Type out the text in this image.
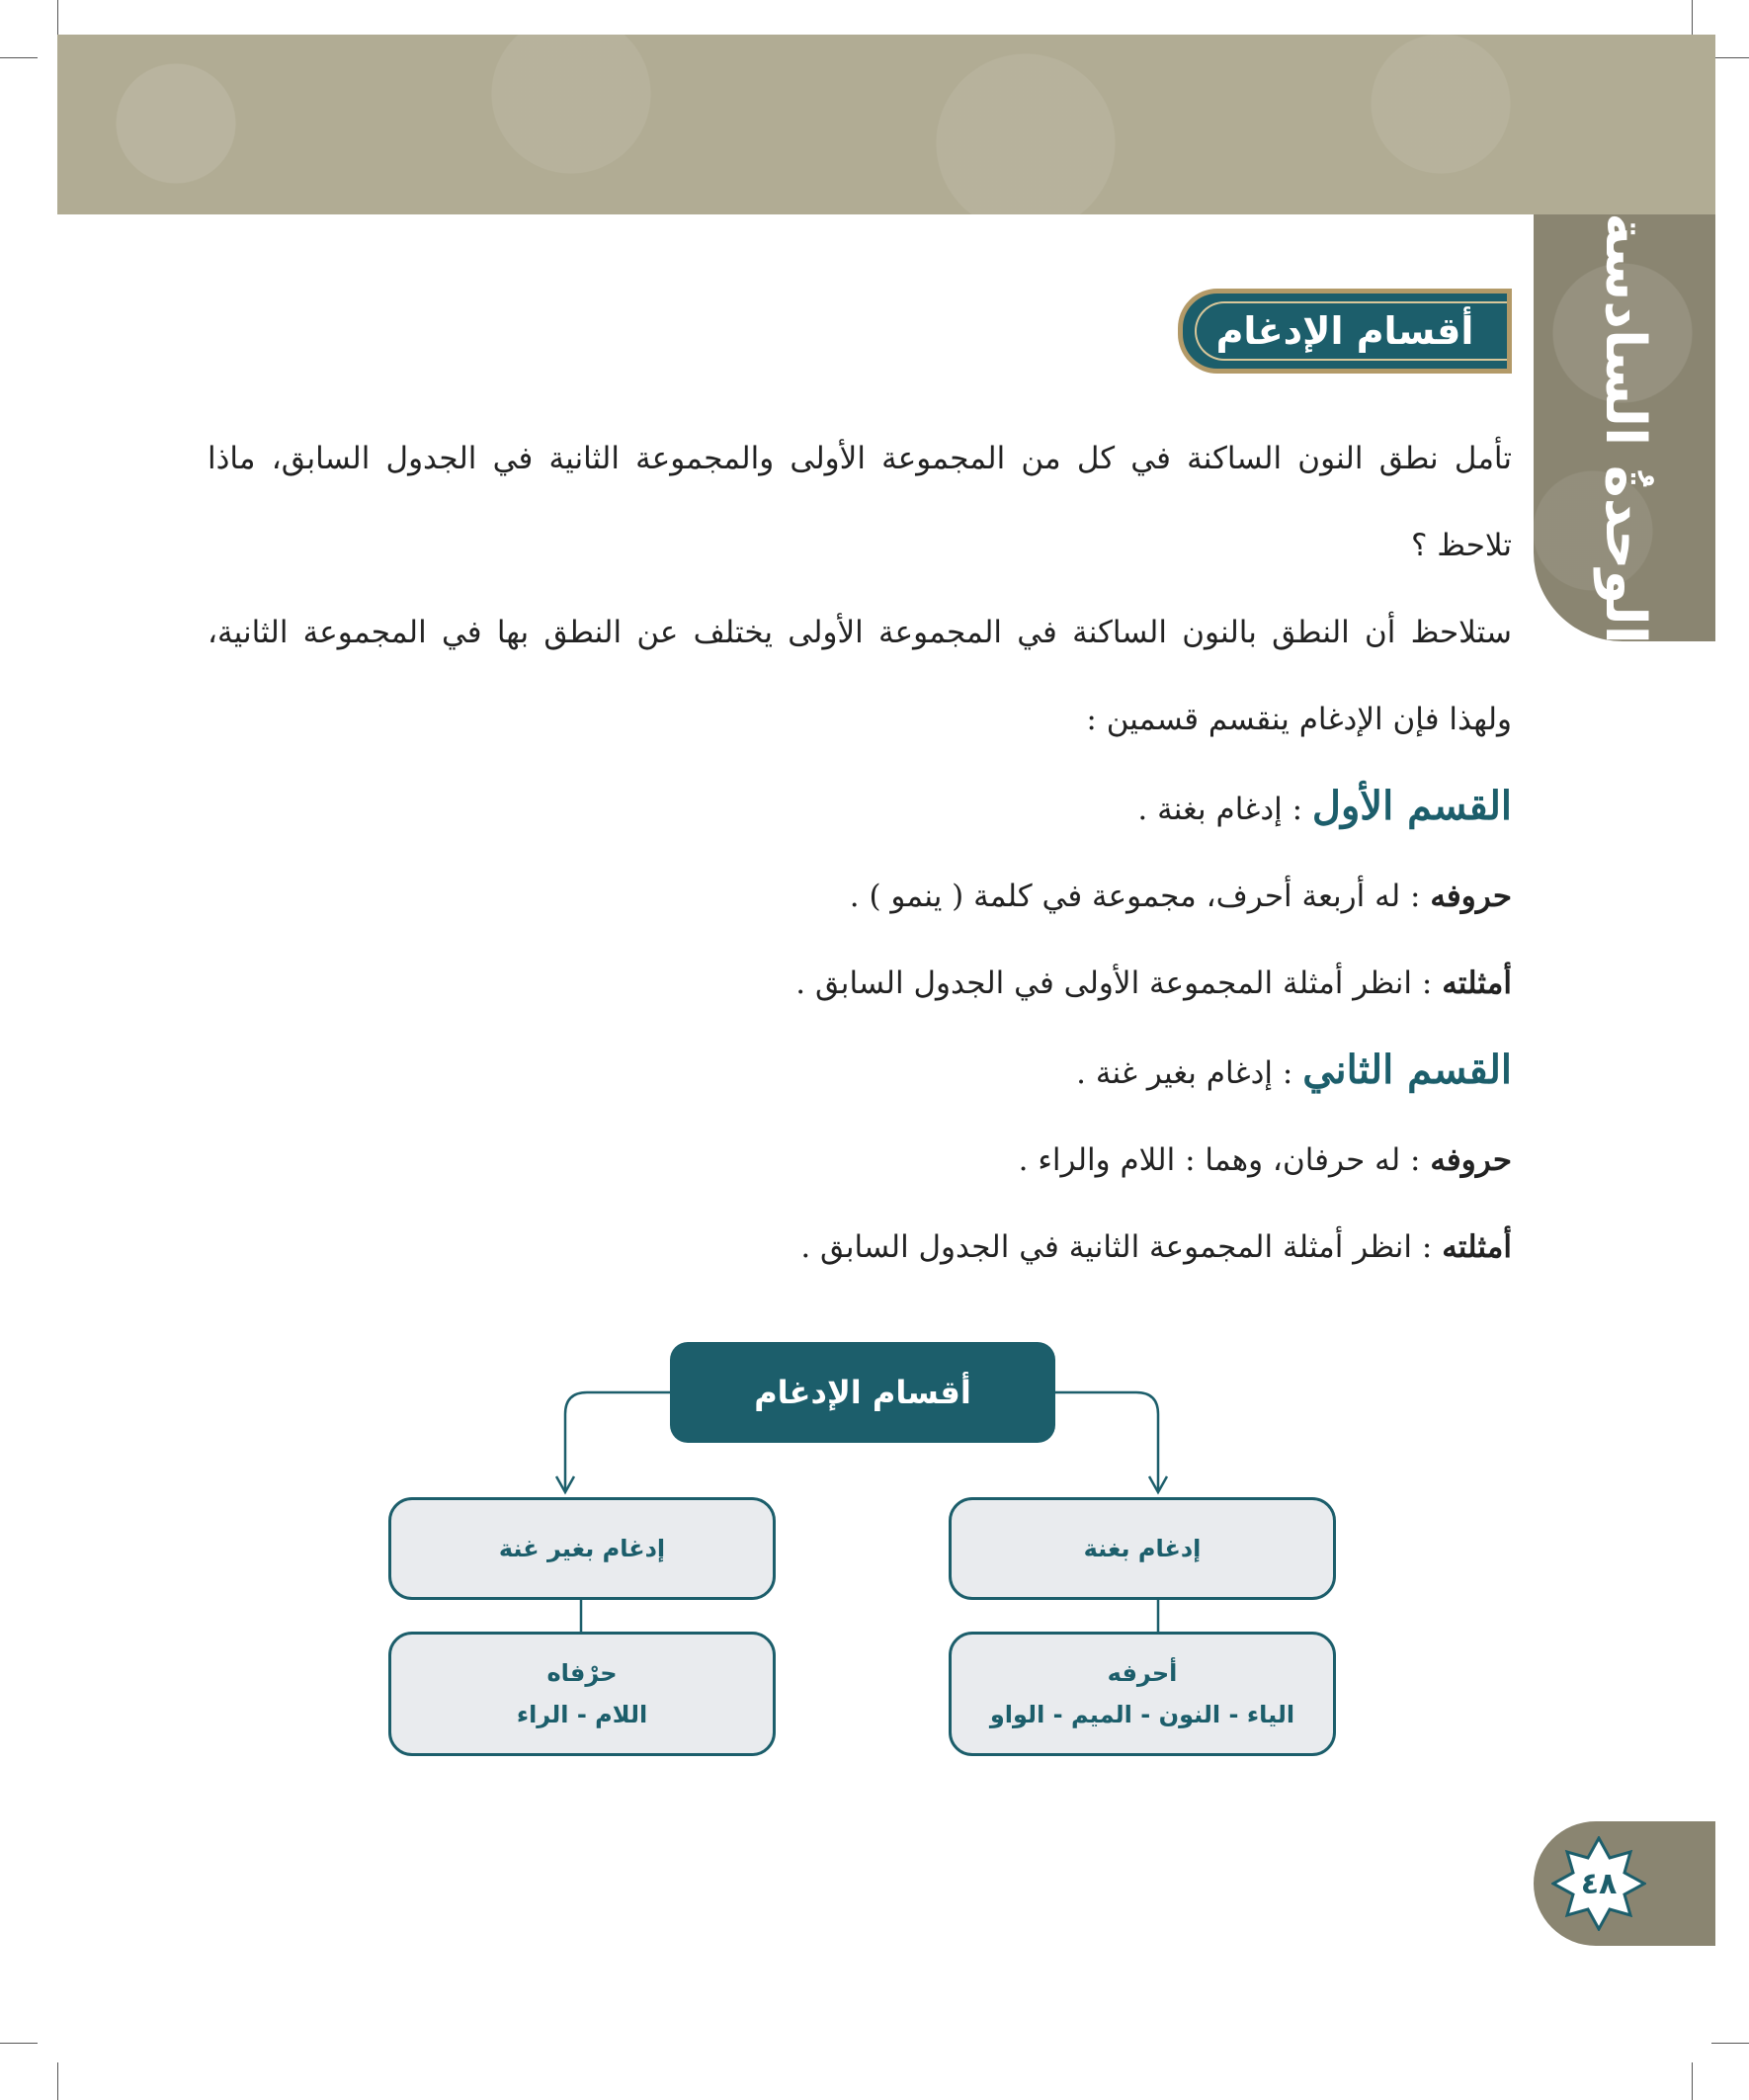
الوحدةُ السادسة
أقسام الإدغام

تأمل نطق النون الساكنة في كل من المجموعة الأولى والمجموعة الثانية في الجدول السابق، ماذا

تلاحظ ؟

ستلاحظ أن النطق بالنون الساكنة في المجموعة الأولى يختلف عن النطق بها في المجموعة الثانية،

ولهذا فإن الإدغام ينقسم قسمين :

القسم الأول : إدغام بغنة .

حروفه : له أربعة أحرف، مجموعة في كلمة ( ينمو ) .

أمثلته : انظر أمثلة المجموعة الأولى في الجدول السابق .

القسم الثاني : إدغام بغير غنة .

حروفه : له حرفان، وهما : اللام والراء .

أمثلته : انظر أمثلة المجموعة الثانية في الجدول السابق .

أقسام الإدغام
إدغام بغنة
إدغام بغير غنة
أحرفه
الياء - النون - الميم - الواو
حرْفاه
اللام - الراء
٤٨
